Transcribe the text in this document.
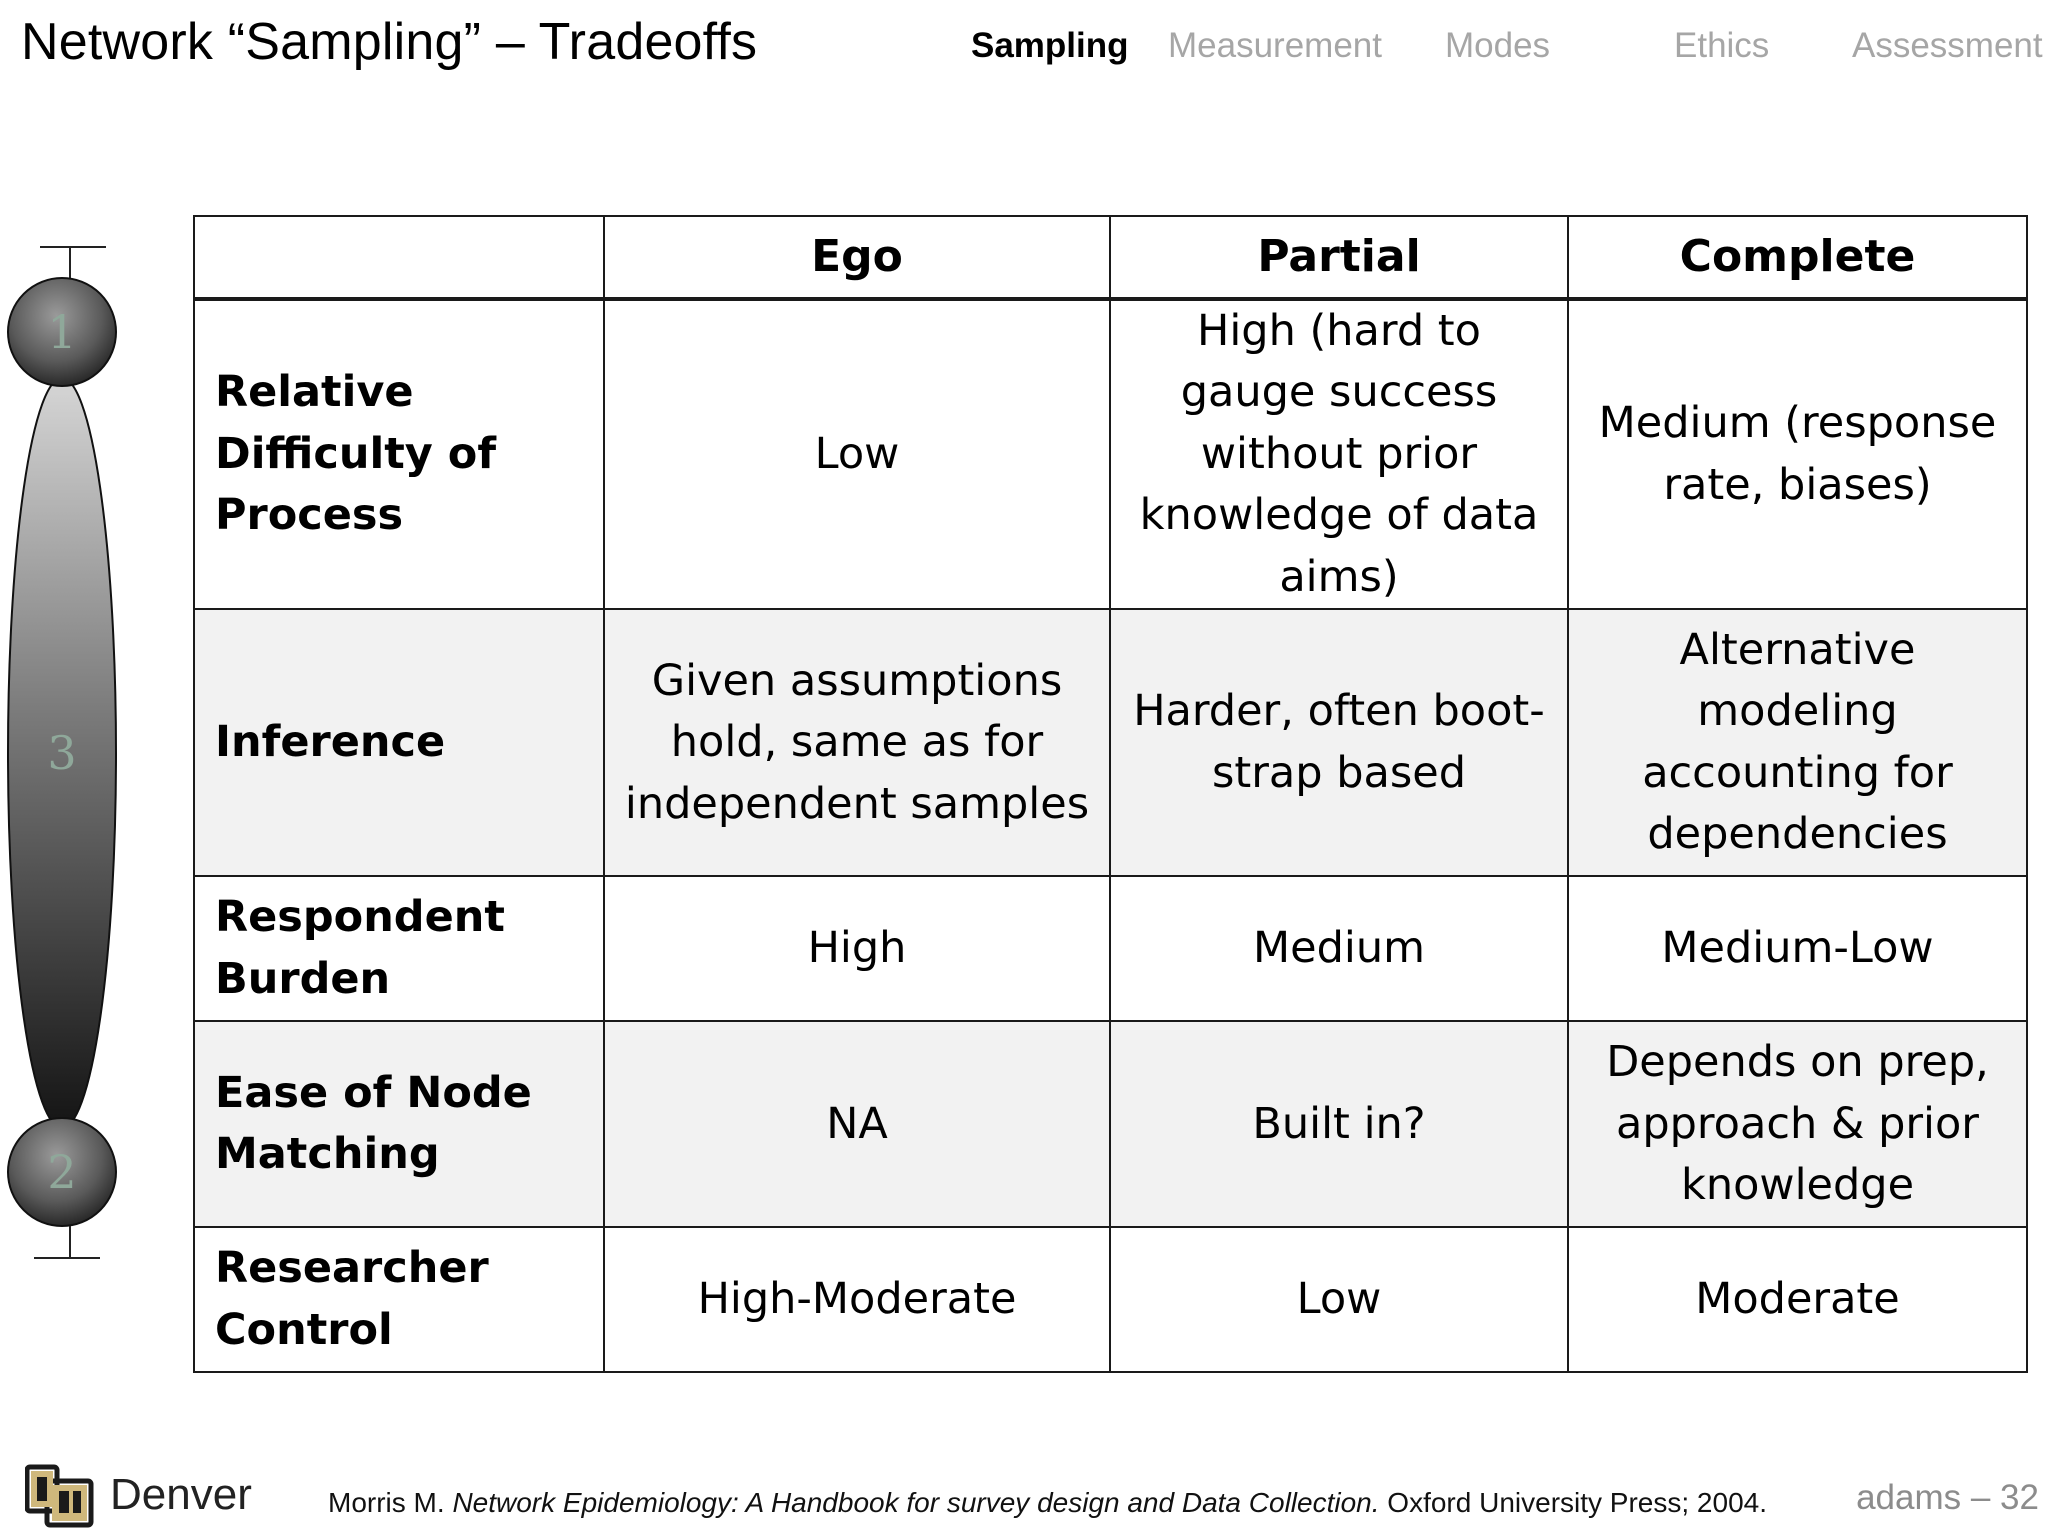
Network “Sampling” – Tradeoffs	Sampling Measurement Modes	Ethics Assessment
1
3
2
	Ego	Partial	Complete
Relative Difficulty of Process	Low	High (hard to gauge success without prior knowledge of data aims)	Medium (response rate, biases)
Inference	Given assumptions hold, same as for independent samples	Harder, often boot-strap based	Alternative modeling accounting for dependencies
Respondent Burden	High	Medium	Medium-Low
Ease of Node Matching	NA	Built in?	Depends on prep, approach & prior knowledge
Researcher Control	High-Moderate	Low	Moderate
Denver	Morris M. Network Epidemiology: A Handbook for survey design and Data Collection. Oxford University Press; 2004.	adams – 32
